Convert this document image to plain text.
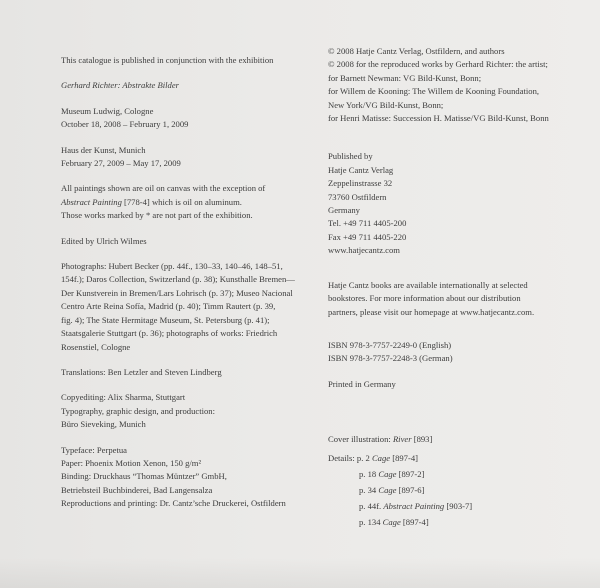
This catalogue is published in conjunction with the exhibition
Gerhard Richter: Abstrakte Bilder
Museum Ludwig, Cologne
October 18, 2008 – February 1, 2009
Haus der Kunst, Munich
February 27, 2009 – May 17, 2009
All paintings shown are oil on canvas with the exception of
Abstract Painting [778-4] which is oil on aluminum.
Those works marked by * are not part of the exhibition.
Edited by Ulrich Wilmes
Photographs: Hubert Becker (pp. 44f., 130–33, 140–46, 148–51,
154f.); Daros Collection, Switzerland (p. 38); Kunsthalle Bremen—
Der Kunstverein in Bremen/Lars Lohrisch (p. 37); Museo Nacional
Centro Arte Reina Sofía, Madrid (p. 40); Timm Rautert (p. 39,
fig. 4); The State Hermitage Museum, St. Petersburg (p. 41);
Staatsgalerie Stuttgart (p. 36); photographs of works: Friedrich
Rosenstiel, Cologne
Translations: Ben Letzler and Steven Lindberg
Copyediting: Alix Sharma, Stuttgart
Typography, graphic design, and production:
Büro Sieveking, Munich
Typeface: Perpetua
Paper: Phoenix Motion Xenon, 150 g/m²
Binding: Druckhaus “Thomas Müntzer” GmbH,
Betriebsteil Buchbinderei, Bad Langensalza
Reproductions and printing: Dr. Cantz’sche Druckerei, Ostfildern
© 2008 Hatje Cantz Verlag, Ostfildern, and authors
© 2008 for the reproduced works by Gerhard Richter: the artist;
for Barnett Newman: VG Bild-Kunst, Bonn;
for Willem de Kooning: The Willem de Kooning Foundation,
New York/VG Bild-Kunst, Bonn;
for Henri Matisse: Succession H. Matisse/VG Bild-Kunst, Bonn
Published by
Hatje Cantz Verlag
Zeppelinstrasse 32
73760 Ostfildern
Germany
Tel. +49 711 4405-200
Fax +49 711 4405-220
www.hatjecantz.com
Hatje Cantz books are available internationally at selected
bookstores. For more information about our distribution
partners, please visit our homepage at www.hatjecantz.com.
ISBN 978-3-7757-2249-0 (English)
ISBN 978-3-7757-2248-3 (German)
Printed in Germany
Cover illustration: River [893]
Details: p. 2 Cage [897-4]
p. 18 Cage [897-2]
p. 34 Cage [897-6]
p. 44f. Abstract Painting [903-7]
p. 134 Cage [897-4]
